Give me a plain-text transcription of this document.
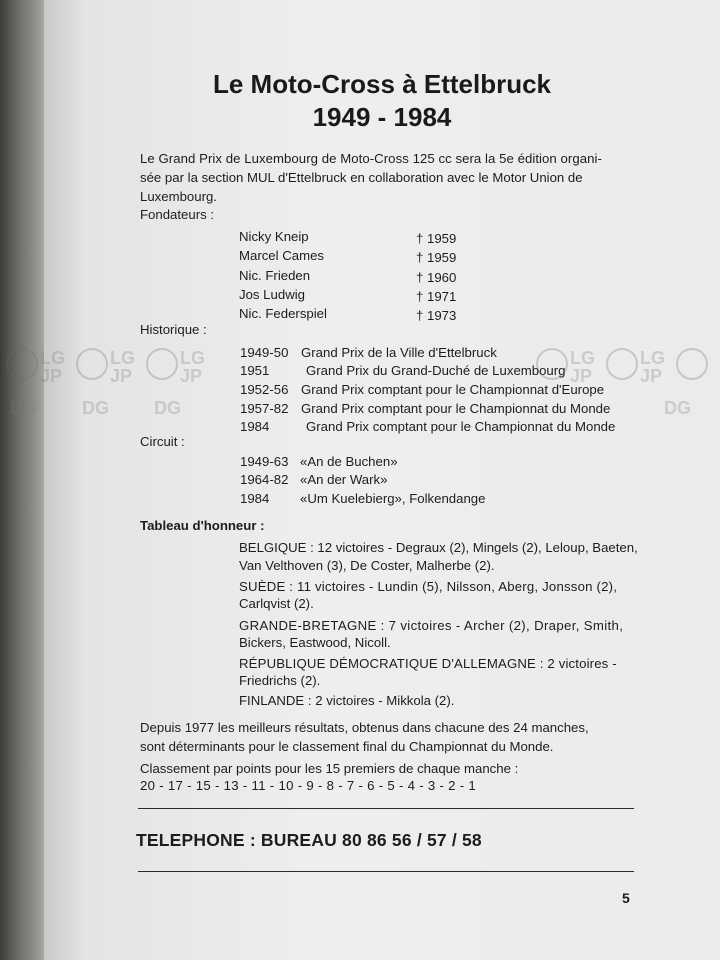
Le Moto-Cross à Ettelbruck
1949 - 1984
Le Grand Prix de Luxembourg de Moto-Cross 125 cc sera la 5e édition organi-
sée par la section MUL d'Ettelbruck en collaboration avec le Motor Union de
Luxembourg.
Fondateurs :
Nicky Kneip	† 1959
Marcel Cames	† 1959
Nic. Frieden	† 1960
Jos Ludwig	† 1971
Nic. Federspiel	† 1973
Historique :
1949-50 Grand Prix de la Ville d'Ettelbruck
1951	Grand Prix du Grand-Duché de Luxembourg
1952-56 Grand Prix comptant pour le Championnat d'Europe
1957-82 Grand Prix comptant pour le Championnat du Monde
1984	Grand Prix comptant pour le Championnat du Monde
Circuit :
1949-63 «An de Buchen»
1964-82 «An der Wark»
1984 «Um Kuelebierg», Folkendange
Tableau d'honneur :
BELGIQUE : 12 victoires - Degraux (2), Mingels (2), Leloup, Baeten,
Van Velthoven (3), De Coster, Malherbe (2).
SUÈDE : 11 victoires - Lundin (5), Nilsson, Aberg, Jonsson (2),
Carlqvist (2).
GRANDE-BRETAGNE : 7 victoires - Archer (2), Draper, Smith,
Bickers, Eastwood, Nicoll.
RÉPUBLIQUE DÉMOCRATIQUE D'ALLEMAGNE : 2 victoires -
Friedrichs (2).
FINLANDE : 2 victoires - Mikkola (2).
Depuis 1977 les meilleurs résultats, obtenus dans chacune des 24 manches,
sont déterminants pour le classement final du Championnat du Monde.
Classement par points pour les 15 premiers de chaque manche :
20 - 17 - 15 - 13 - 11 - 10 - 9 - 8 - 7 - 6 - 5 - 4 - 3 - 2 - 1
TELEPHONE : BUREAU 80 86 56 / 57 / 58
5
LG
JP
DG
LG
JP
DG
LG
JP
DG
LG
JP
LG
JP
DG
